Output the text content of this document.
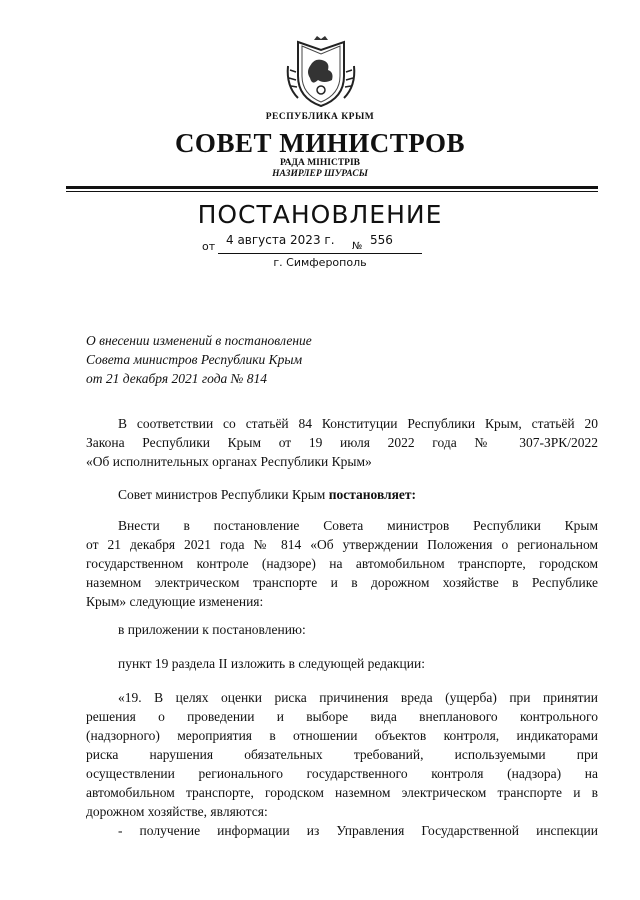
РЕСПУБЛИКА КРЫМ
СОВЕТ МИНИСТРОВ
РАДА МІНІСТРІВ
НАЗИРЛЕР ШУРАСЫ
ПОСТАНОВЛЕНИЕ
от 4 августа 2023 г. № 556
г. Симферополь
О внесении изменений в постановление
Совета министров Республики Крым
от 21 декабря 2021 года № 814
В соответствии со статьёй 84 Конституции Республики Крым, статьёй 20
Закона Республики Крым от 19 июля 2022 года № 307-ЗРК/2022
«Об исполнительных органах Республики Крым»
Совет министров Республики Крым постановляет:
Внести в постановление Совета министров Республики Крым
от 21 декабря 2021 года № 814 «Об утверждении Положения о региональном
государственном контроле (надзоре) на автомобильном транспорте, городском
наземном электрическом транспорте и в дорожном хозяйстве в Республике
Крым» следующие изменения:
в приложении к постановлению:
пункт 19 раздела II изложить в следующей редакции:
«19. В целях оценки риска причинения вреда (ущерба) при принятии
решения о проведении и выборе вида внепланового контрольного
(надзорного) мероприятия в отношении объектов контроля, индикаторами
риска нарушения обязательных требований, используемыми при
осуществлении регионального государственного контроля (надзора) на
автомобильном транспорте, городском наземном электрическом транспорте и в
дорожном хозяйстве, являются:
- получение информации из Управления Государственной инспекции
